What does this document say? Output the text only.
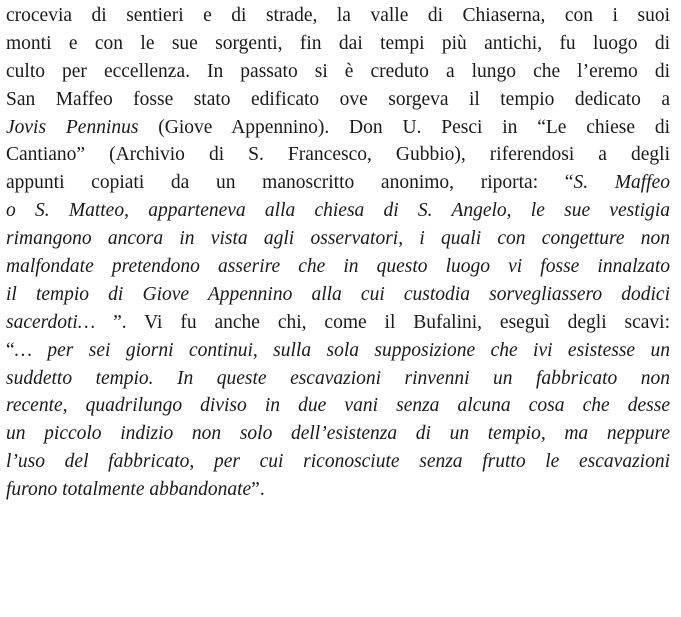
crocevia di sentieri e di strade, la valle di Chiaserna, con i suoi
monti e con le sue sorgenti, fin dai tempi più antichi, fu luogo di
culto per eccellenza. In passato si è creduto a lungo che l’eremo di
San Maffeo fosse stato edificato ove sorgeva il tempio dedicato a
Jovis Penninus (Giove Appennino). Don U. Pesci in “Le chiese di
Cantiano” (Archivio di S. Francesco, Gubbio), riferendosi a degli
appunti copiati da un manoscritto anonimo, riporta: “S. Maffeo
o S. Matteo, apparteneva alla chiesa di S. Angelo, le sue vestigia
rimangono ancora in vista agli osservatori, i quali con congetture non
malfondate pretendono asserire che in questo luogo vi fosse innalzato
il tempio di Giove Appennino alla cui custodia sorvegliassero dodici
sacerdoti… ”. Vi fu anche chi, come il Bufalini, eseguì degli scavi:
“… per sei giorni continui, sulla sola supposizione che ivi esistesse un
suddetto tempio. In queste escavazioni rinvenni un fabbricato non
recente, quadrilungo diviso in due vani senza alcuna cosa che desse
un piccolo indizio non solo dell’esistenza di un tempio, ma neppure
l’uso del fabbricato, per cui riconosciute senza frutto le escavazioni
furono totalmente abbandonate”.
